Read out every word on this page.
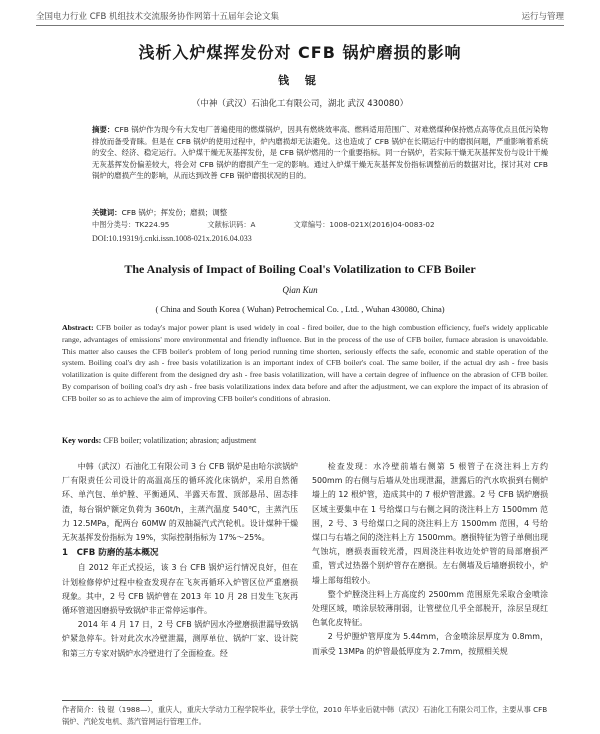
全国电力行业 CFB 机组技术交流服务协作网第十五届年会论文集	运行与管理
浅析入炉煤挥发份对 CFB 锅炉磨损的影响
钱 锟
（中神（武汉）石油化工有限公司，湖北 武汉 430080）
摘要：CFB 锅炉作为现今有大发电厂普遍使用的燃煤锅炉，因具有燃烧效率高、燃料适用范围广、对难燃煤种保持燃点高等优点且低污染物排放而备受青睐。但是在 CFB 锅炉的使用过程中，炉内磨损却无法避免。这也造成了 CFB 锅炉在长期运行中的磨损问题，严重影响着系统的安全、经济、稳定运行。入炉煤干燥无灰基挥发份，是 CFB 锅炉燃用的一个重要指标。同一台锅炉，若实际干燥无灰基挥发份与设计干燥无灰基挥发份偏差较大，将会对 CFB 锅炉的磨损产生一定的影响。通过入炉煤干燥无灰基挥发份指标调整前后的数据对比，探讨其对 CFB 锅炉的磨损产生的影响，从而达到改善 CFB 锅炉磨损状况的目的。
关键词：CFB 锅炉；挥发份；磨损；调整
中图分类号：TK224.95	文献标识码：A	文章编号：1008-021X(2016)04-0083-02
DOI:10.19319/j.cnki.issn.1008-021x.2016.04.033
The Analysis of Impact of Boiling Coal's Volatilization to CFB Boiler
Qian Kun
( China and South Korea ( Wuhan) Petrochemical Co. , Ltd. , Wuhan 430080, China)
Abstract: CFB boiler as today's major power plant is used widely in coal - fired boiler, due to the high combustion efficiency, fuel's widely applicable range, advantages of emissions' more environmental and friendly influence. But in the process of the use of CFB boiler, furnace abrasion is unavoidable. This matter also causes the CFB boiler's problem of long period running time shorten, seriously effects the safe, economic and stable operation of the system. Boiling coal's dry ash - free basis volatilization is an important index of CFB boiler's coal. The same boiler, if the actual dry ash - free basis volatilization is quite different from the designed dry ash - free basis volatilization, will have a certain degree of influence on the abrasion of CFB boiler. By comparison of boiling coal's dry ash - free basis volatilizations index data before and after the adjustment, we can explore the impact of its abrasion of CFB boiler so as to achieve the aim of improving CFB boiler's conditions of abrasion.
Key words: CFB boiler; volatilization; abrasion; adjustment

中韩（武汉）石油化工有限公司 3 台 CFB 锅炉是由哈尔滨锅炉厂有限责任公司设计的高温高压的循环流化床锅炉，采用自然循环、单汽包、单炉膛、平衡通风、半露天布置、顶部悬吊、固态排渣，每台锅炉额定负荷为 360t/h，主蒸汽温度 540℃，主蒸汽压力 12.5MPa，配两台 60MW 的双抽凝汽式汽轮机。设计煤种干燥无灰基挥发份指标为 19%，实际控制指标为 17%～25%。

1　CFB 防磨的基本概况

自 2012 年正式投运，该 3 台 CFB 锅炉运行情况良好，但在计划检修停炉过程中检查发现存在飞灰再循环入炉管区位严重磨损现象。其中，2 号 CFB 锅炉曾在 2013 年 10 月 28 日发生飞灰再循环管道因磨损导致锅炉非正常停运事件。

2014 年 4 月 17 日，2 号 CFB 锅炉因水冷壁磨损泄漏导致锅炉紧急停车。针对此次水冷壁泄漏，测厚单位、锅炉厂家、设计院和第三方专家对锅炉水冷壁进行了全面检查。经

检查发现：水冷壁前墙右侧第 5 根管子在浇注料上方约 500mm 的右侧与后墙从处出现泄漏，泄露后的汽水吹损到右侧炉墙上的 12 根炉管，造成其中的 7 根炉管泄露。2 号 CFB 锅炉磨损区域主要集中在 1 号给煤口与右侧之间的浇注料上方 1500mm 范围，2 号、3 号给煤口之间的浇注料上方 1500mm 范围，4 号给煤口与右墙之间的浇注料上方 1500mm。磨损特征为管子单侧出现气蚀坑，磨损表面较光滑，四周浇注料收边处炉管的局部磨损严重，管式过热器个别炉管存在磨损。左右侧墙及后墙磨损较小，炉墙上部每组较小。

整个炉膛浇注料上方高度约 2500mm 范围原先采取合金喷涂处理区域，喷涂层较薄削弱，让管壁位几乎全部脱开，涂层呈现红色氧化皮特征。

2 号炉膛炉管厚度为 5.44mm，合金喷涂层厚度为 0.8mm，而承受 13MPa 的炉管最低厚度为 2.7mm，按照相关规

作者简介：钱 锟（1988—），重庆人，重庆大学动力工程学院毕业，获学士学位，2010 年毕业后就中韩（武汉）石油化工有限公司工作，主要从事 CFB 锅炉、汽轮发电机、蒸汽管网运行管理工作。
